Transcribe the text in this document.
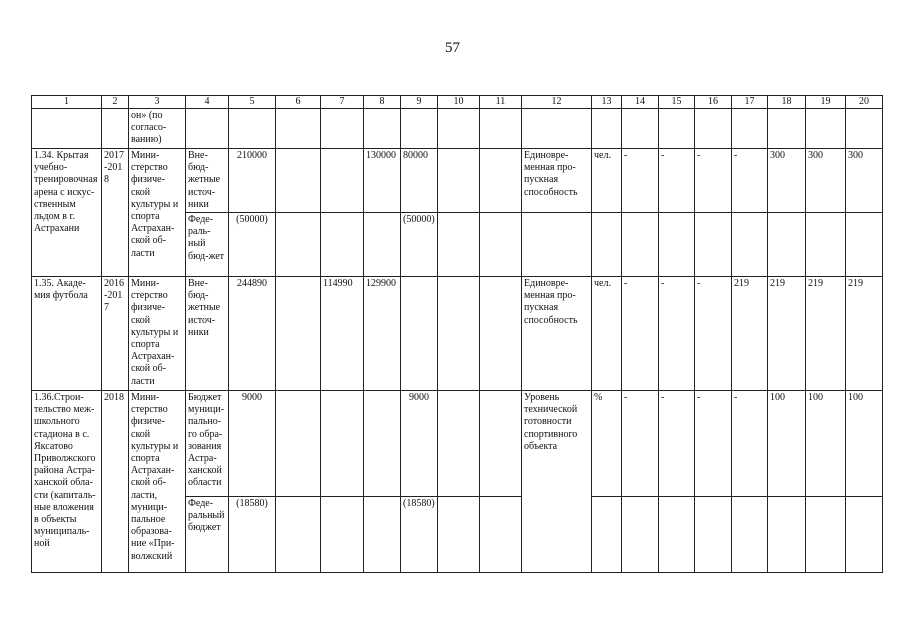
57
1	2	3	4	5	6	7	8	9	10	11	12	13	14	15	16	17	18	19	20
		он» (по согласо-ванию)																	
1.34. Крытая учебно-тренировочная арена с искус-ственным льдом в г. Астрахани	2017-2018	Мини-стерство физиче-ской культуры и спорта Астрахан-ской об-ласти	Вне-бюд-жетные источ-ники	210000			130000	80000			Единовре-менная про-пускная способность	чел.	-	-	-	-	300	300	300
			Феде-раль-ный бюд-жет	(50000)				(50000)											
1.35. Акаде-мия футбола	2016-2017	Мини-стерство физиче-ской культуры и спорта Астрахан-ской об-ласти	Вне-бюд-жетные источ-ники	244890		114990	129900				Единовре-менная про-пускная способность	чел.	-	-	-	219	219	219	219
1.36.Строи-тельство меж-школьного стадиона в с. Яксатово Приволжского района Астра-ханской обла-сти (капиталь-ные вложения в объекты муниципаль-ной	2018	Мини-стерство физиче-ской культуры и спорта Астрахан-ской об-ласти, муници-пальное образова-ние «При-волжский	Бюджет муници-пально-го обра-зования Астра-ханской области	9000				9000			Уровень технической готовности спортивного объекта	%	-	-	-	-	100	100	100
			Феде-ральный бюджет	(18580)				(18580)											
